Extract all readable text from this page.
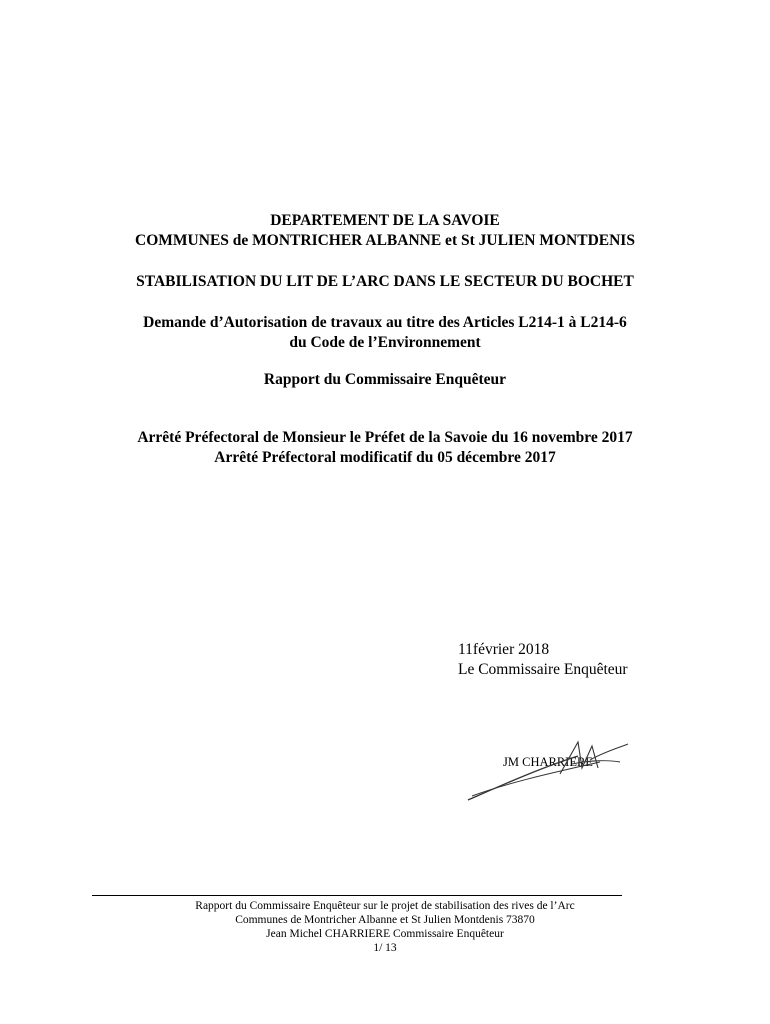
DEPARTEMENT DE LA SAVOIE
COMMUNES de MONTRICHER ALBANNE et St JULIEN MONTDENIS
STABILISATION DU LIT DE L’ARC DANS LE SECTEUR DU BOCHET
Demande d’Autorisation de travaux au titre des Articles L214-1 à L214-6
du Code de l’Environnement
Rapport du Commissaire Enquêteur
Arrêté Préfectoral de Monsieur le Préfet de la Savoie du 16 novembre 2017
Arrêté Préfectoral modificatif du 05 décembre 2017
11février 2018
Le Commissaire Enquêteur
JM CHARRIERE
Rapport du Commissaire Enquêteur sur le projet de stabilisation des rives de l’Arc
Communes de Montricher Albanne et St Julien Montdenis 73870
Jean Michel CHARRIERE Commissaire Enquêteur
1/ 13
